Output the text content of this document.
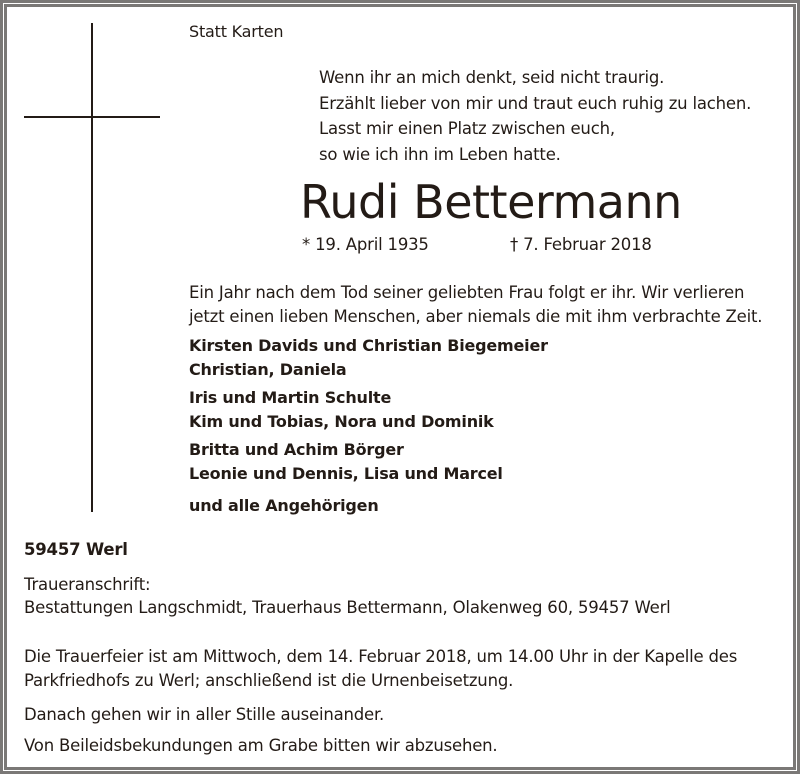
Statt Karten
Wenn ihr an mich denkt, seid nicht traurig.
Erzählt lieber von mir und traut euch ruhig zu lachen.
Lasst mir einen Platz zwischen euch,
so wie ich ihn im Leben hatte.
Rudi Bettermann
* 19. April 1935	† 7. Februar 2018
Ein Jahr nach dem Tod seiner geliebten Frau folgt er ihr. Wir verlieren
jetzt einen lieben Menschen, aber niemals die mit ihm verbrachte Zeit.
Kirsten Davids und Christian Biegemeier
Christian, Daniela
Iris und Martin Schulte
Kim und Tobias, Nora und Dominik
Britta und Achim Börger
Leonie und Dennis, Lisa und Marcel
und alle Angehörigen
59457 Werl
Traueranschrift:
Bestattungen Langschmidt, Trauerhaus Bettermann, Olakenweg 60, 59457 Werl
Die Trauerfeier ist am Mittwoch, dem 14. Februar 2018, um 14.00 Uhr in der Kapelle des
Parkfriedhofs zu Werl; anschließend ist die Urnenbeisetzung.
Danach gehen wir in aller Stille auseinander.
Von Beileidsbekundungen am Grabe bitten wir abzusehen.
